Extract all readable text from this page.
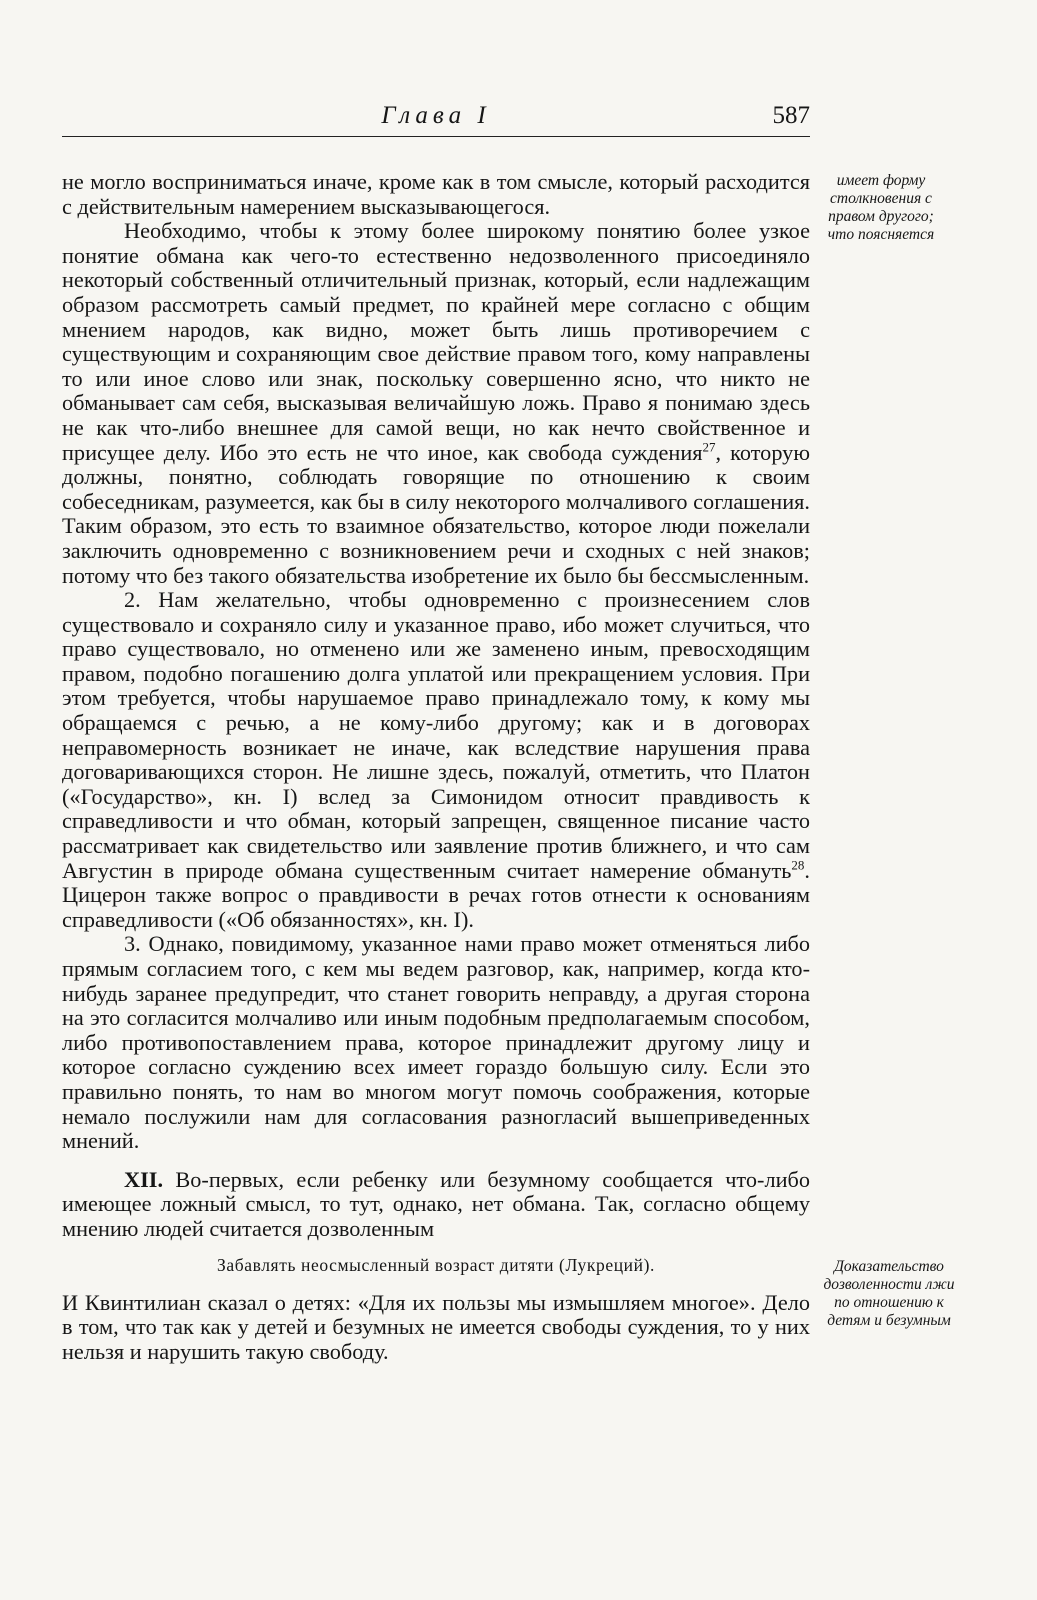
Глава I	587

не могло восприниматься иначе, кроме как в том смысле, который расходится с действительным намерением высказывающегося.

Необходимо, чтобы к этому более широкому понятию более узкое понятие обмана как чего-то естественно недозволенного присоединяло некоторый собственный отличительный признак, который, если надлежащим образом рассмотреть самый предмет, по крайней мере согласно с общим мнением народов, как видно, может быть лишь противоречием с существующим и сохраняющим свое действие правом того, кому направлены то или иное слово или знак, поскольку совершенно ясно, что никто не обманывает сам себя, высказывая величайшую ложь. Право я понимаю здесь не как что-либо внешнее для самой вещи, но как нечто свойственное и присущее делу. Ибо это есть не что иное, как свобода суждения$^{27}$, которую должны, понятно, соблюдать говорящие по отношению к своим собеседникам, разумеется, как бы в силу некоторого молчаливого соглашения. Таким образом, это есть то взаимное обязательство, которое люди пожелали заключить одновременно с возникновением речи и сходных с ней знаков; потому что без такого обязательства изобретение их было бы бессмысленным.

2. Нам желательно, чтобы одновременно с произнесением слов существовало и сохраняло силу и указанное право, ибо может случиться, что право существовало, но отменено или же заменено иным, превосходящим правом, подобно погашению долга уплатой или прекращением условия. При этом требуется, чтобы нарушаемое право принадлежало тому, к кому мы обращаемся с речью, а не кому-либо другому; как и в договорах неправомерность возникает не иначе, как вследствие нарушения права договаривающихся сторон. Не лишне здесь, пожалуй, отметить, что Платон («Государство», кн. I) вслед за Симонидом относит правдивость к справедливости и что обман, который запрещен, священное писание часто рассматривает как свидетельство или заявление против ближнего, и что сам Августин в природе обмана существенным считает намерение обмануть$^{28}$. Цицерон также вопрос о правдивости в речах готов отнести к основаниям справедливости («Об обязанностях», кн. I).

3. Однако, повидимому, указанное нами право может отменяться либо прямым согласием того, с кем мы ведем разговор, как, например, когда кто-нибудь заранее предупредит, что станет говорить неправду, а другая сторона на это согласится молчаливо или иным подобным предполагаемым способом, либо противопоставлением права, которое принадлежит другому лицу и которое согласно суждению всех имеет гораздо большую силу. Если это правильно понять, то нам во многом могут помочь соображения, которые немало послужили нам для согласования разногласий вышеприведенных мнений.

XII. Во-первых, если ребенку или безумному сообщается что-либо имеющее ложный смысл, то тут, однако, нет обмана. Так, согласно общему мнению людей считается дозволенным

Забавлять неосмысленный возраст дитяти (Лукреций).

И Квинтилиан сказал о детях: «Для их пользы мы измышляем многое». Дело в том, что так как у детей и безумных не имеется свободы суждения, то у них нельзя и нарушить такую свободу.

имеет форму столкновения с правом другого; что поясняется
Доказательство дозволенности лжи по отношению к детям и безумным
